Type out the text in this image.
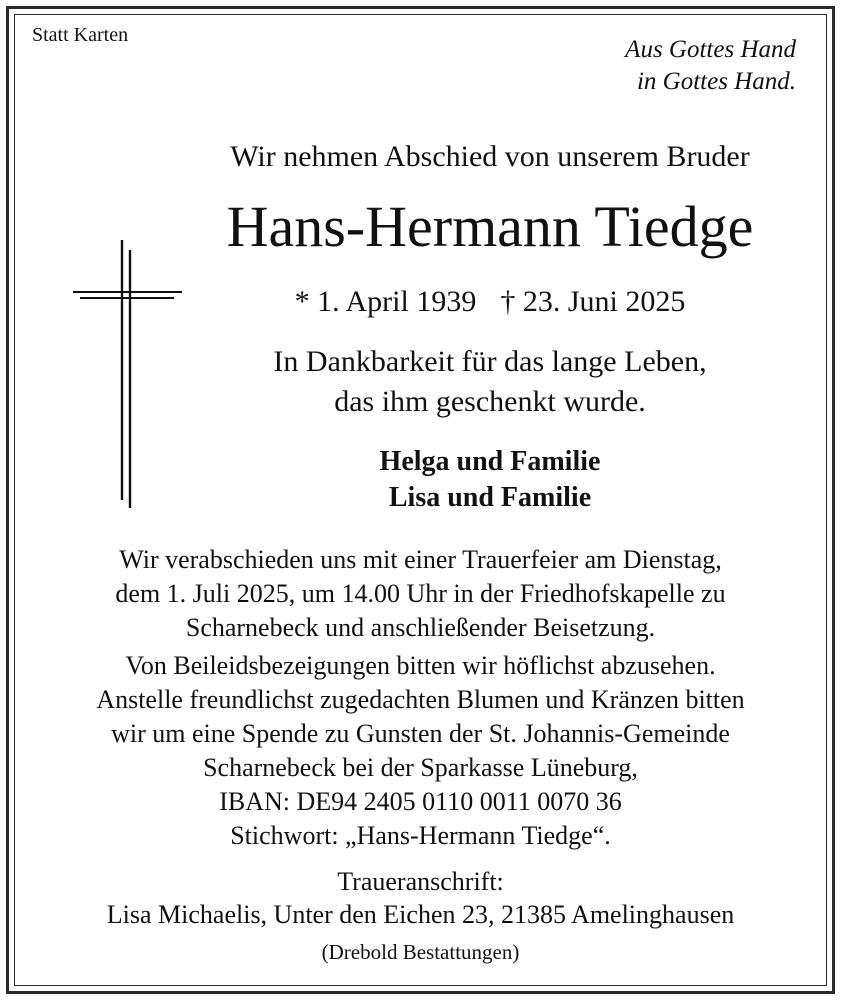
Statt Karten
Aus Gottes Hand
in Gottes Hand.
Wir nehmen Abschied von unserem Bruder
Hans-Hermann Tiedge
* 1. April 1939 † 23. Juni 2025
In Dankbarkeit für das lange Leben,
das ihm geschenkt wurde.
Helga und Familie
Lisa und Familie
Wir verabschieden uns mit einer Trauerfeier am Dienstag,
dem 1. Juli 2025, um 14.00 Uhr in der Friedhofskapelle zu
Scharnebeck und anschließender Beisetzung.
Von Beileidsbezeigungen bitten wir höflichst abzusehen.
Anstelle freundlichst zugedachten Blumen und Kränzen bitten
wir um eine Spende zu Gunsten der St. Johannis-Gemeinde
Scharnebeck bei der Sparkasse Lüneburg,
IBAN: DE94 2405 0110 0011 0070 36
Stichwort: „Hans-Hermann Tiedge“.
Traueranschrift:
Lisa Michaelis, Unter den Eichen 23, 21385 Amelinghausen
(Drebold Bestattungen)
